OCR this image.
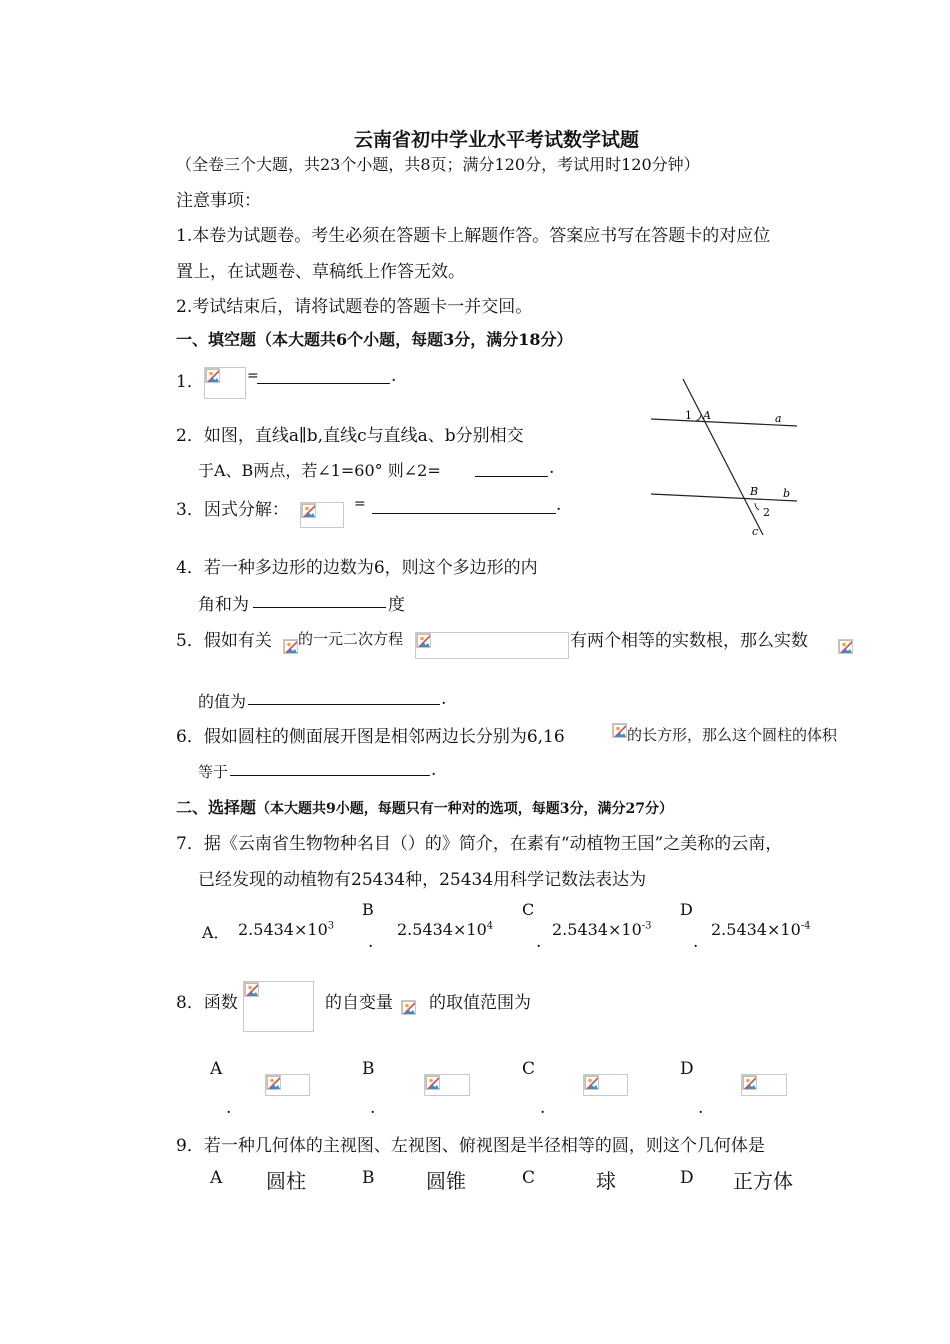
云南省初中学业水平考试数学试题
（全卷三个大题，共23个小题，共8页；满分120分，考试用时120分钟）
注意事项：
1.本卷为试题卷。考生必须在答题卡上解题作答。答案应书写在答题卡的对应位
置上，在试题卷、草稿纸上作答无效。
2.考试结束后，请将试题卷的答题卡一并交回。
一、填空题（本大题共6个小题，每题3分，满分18分）
1．	=	.
2．如图，直线a∥b,直线c与直线a、b分别相交
于A、B两点，若∠1=60° 则∠2=	.
1 A	a
B b
2
c
3．因式分解：	=	.
4．若一种多边形的边数为6，则这个多边形的内
角和为	度
5．假如有关 的一元二次方程	有两个相等的实数根，那么实数
的值为	.
6．假如圆柱的侧面展开图是相邻两边长分别为6,16	的长方形，那么这个圆柱的体积
等于	.
二、选择题（本大题共9小题，每题只有一种对的选项，每题3分，满分27分）
7．据《云南省生物物种名目（）的》简介，在素有“动植物王国”之美称的云南，
已经发现的动植物有25434种，25434用科学记数法表达为
A． $2.5434\times 10^3$
B
.
$2.5434\times 10^4$
C
.
$2.5434\times 10^{-3}$
D
.
$2.5434\times 10^{-4}$
8．函数	的自变量 的取值范围为
A
.
B
.
C
.
D
.
9．若一种几何体的主视图、左视图、俯视图是半径相等的圆，则这个几何体是
A 圆柱	B	圆锥	C	球	D 正方体
